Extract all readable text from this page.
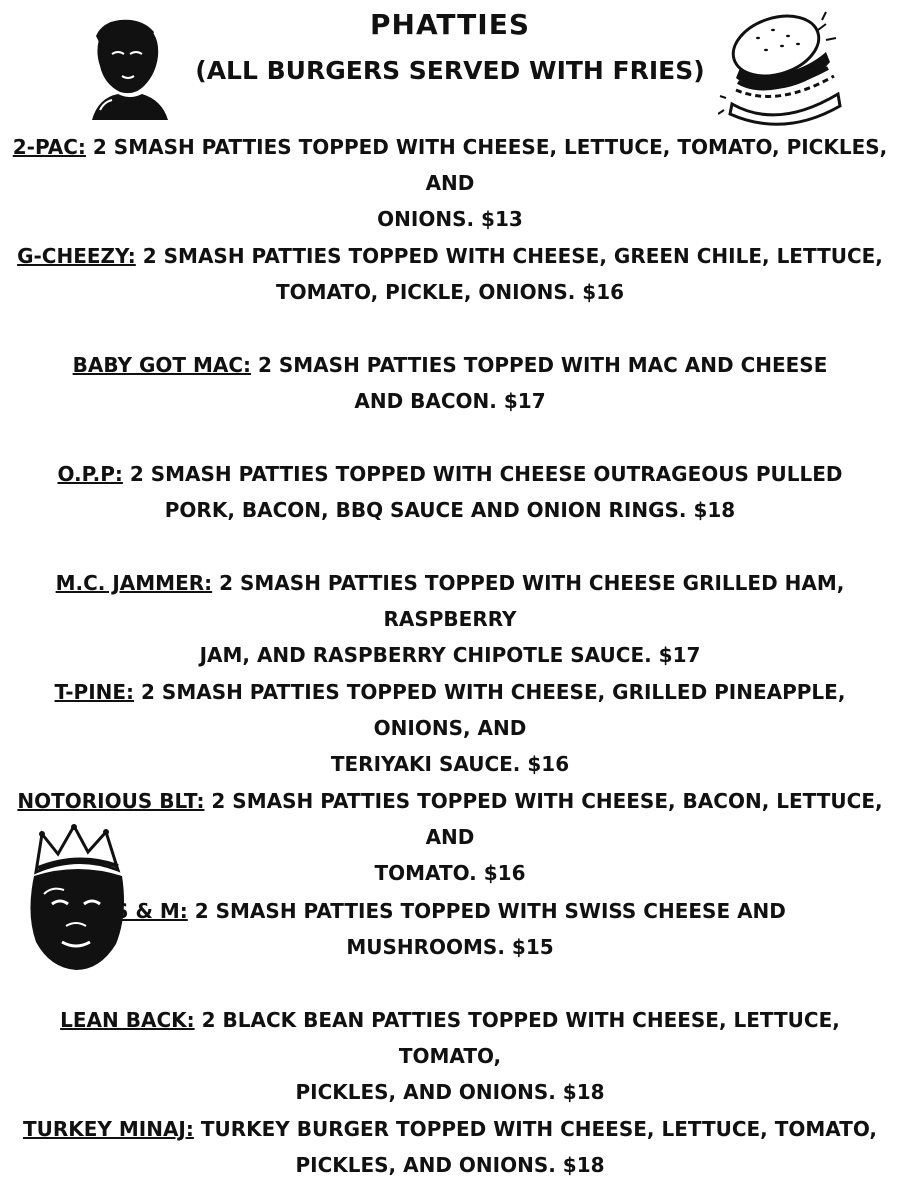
PHATTIES
(ALL BURGERS SERVED WITH FRIES)
2-PAC: 2 SMASH PATTIES TOPPED WITH CHEESE, LETTUCE, TOMATO, PICKLES, AND
ONIONS. $13
G-CHEEZY: 2 SMASH PATTIES TOPPED WITH CHEESE, GREEN CHILE, LETTUCE,
TOMATO, PICKLE, ONIONS. $16
BABY GOT MAC: 2 SMASH PATTIES TOPPED WITH MAC AND CHEESE
AND BACON. $17
O.P.P: 2 SMASH PATTIES TOPPED WITH CHEESE OUTRAGEOUS PULLED
PORK, BACON, BBQ SAUCE AND ONION RINGS. $18
M.C. JAMMER: 2 SMASH PATTIES TOPPED WITH CHEESE GRILLED HAM, RASPBERRY
JAM, AND RASPBERRY CHIPOTLE SAUCE. $17
T-PINE: 2 SMASH PATTIES TOPPED WITH CHEESE, GRILLED PINEAPPLE, ONIONS, AND
TERIYAKI SAUCE. $16
NOTORIOUS BLT: 2 SMASH PATTIES TOPPED WITH CHEESE, BACON, LETTUCE, AND
TOMATO. $16
S & M: 2 SMASH PATTIES TOPPED WITH SWISS CHEESE AND
MUSHROOMS. $15
LEAN BACK: 2 BLACK BEAN PATTIES TOPPED WITH CHEESE, LETTUCE, TOMATO,
PICKLES, AND ONIONS. $18
TURKEY MINAJ: TURKEY BURGER TOPPED WITH CHEESE, LETTUCE, TOMATO,
PICKLES, AND ONIONS. $18
